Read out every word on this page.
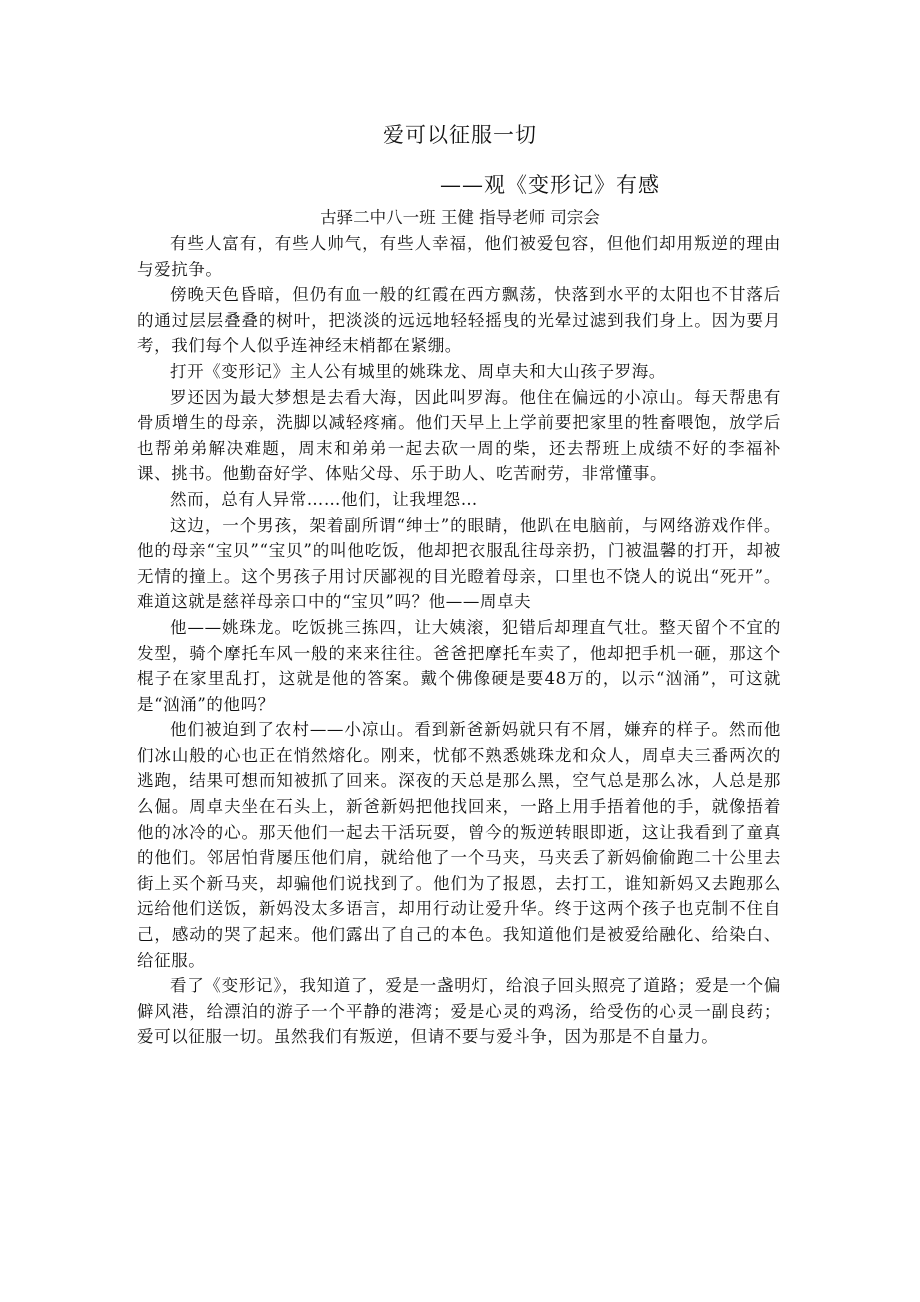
爱可以征服一切
——观《变形记》有感
古驿二中八一班 王健 指导老师 司宗会

有些人富有，有些人帅气，有些人幸福，他们被爱包容，但他们却用叛逆的理由与爱抗争。

傍晚天色昏暗，但仍有血一般的红霞在西方飘荡，快落到水平的太阳也不甘落后的通过层层叠叠的树叶，把淡淡的远远地轻轻摇曳的光晕过滤到我们身上。因为要月考，我们每个人似乎连神经末梢都在紧绷。

打开《变形记》主人公有城里的姚珠龙、周卓夫和大山孩子罗海。

罗还因为最大梦想是去看大海，因此叫罗海。他住在偏远的小凉山。每天帮患有骨质增生的母亲，洗脚以减轻疼痛。他们天早上上学前要把家里的牲畜喂饱，放学后也帮弟弟解决难题，周末和弟弟一起去砍一周的柴，还去帮班上成绩不好的李福补课、挑书。他勤奋好学、体贴父母、乐于助人、吃苦耐劳，非常懂事。

然而，总有人异常……他们，让我埋怨…

这边，一个男孩，架着副所谓“绅士”的眼睛，他趴在电脑前，与网络游戏作伴。他的母亲“宝贝”“宝贝”的叫他吃饭，他却把衣服乱往母亲扔，门被温馨的打开，却被无情的撞上。这个男孩子用讨厌鄙视的目光瞪着母亲，口里也不饶人的说出“死开”。难道这就是慈祥母亲口中的“宝贝”吗？他——周卓夫

他——姚珠龙。吃饭挑三拣四，让大姨滚，犯错后却理直气壮。整天留个不宜的发型，骑个摩托车风一般的来来往往。爸爸把摩托车卖了，他却把手机一砸，那这个棍子在家里乱打，这就是他的答案。戴个佛像硬是要48万的，以示“汹涌”，可这就是“汹涌”的他吗？

他们被迫到了农村——小凉山。看到新爸新妈就只有不屑，嫌弃的样子。然而他们冰山般的心也正在悄然熔化。刚来，忧郁不熟悉姚珠龙和众人，周卓夫三番两次的逃跑，结果可想而知被抓了回来。深夜的天总是那么黑，空气总是那么冰，人总是那么倔。周卓夫坐在石头上，新爸新妈把他找回来，一路上用手捂着他的手，就像捂着他的冰冷的心。那天他们一起去干活玩耍，曾今的叛逆转眼即逝，这让我看到了童真的他们。邻居怕背屡压他们肩，就给他了一个马夹，马夹丢了新妈偷偷跑二十公里去街上买个新马夹，却骗他们说找到了。他们为了报恩，去打工，谁知新妈又去跑那么远给他们送饭，新妈没太多语言，却用行动让爱升华。终于这两个孩子也克制不住自己，感动的哭了起来。他们露出了自己的本色。我知道他们是被爱给融化、给染白、给征服。

看了《变形记》，我知道了，爱是一盏明灯，给浪子回头照亮了道路；爱是一个偏僻风港，给漂泊的游子一个平静的港湾；爱是心灵的鸡汤，给受伤的心灵一副良药；爱可以征服一切。虽然我们有叛逆，但请不要与爱斗争，因为那是不自量力。
